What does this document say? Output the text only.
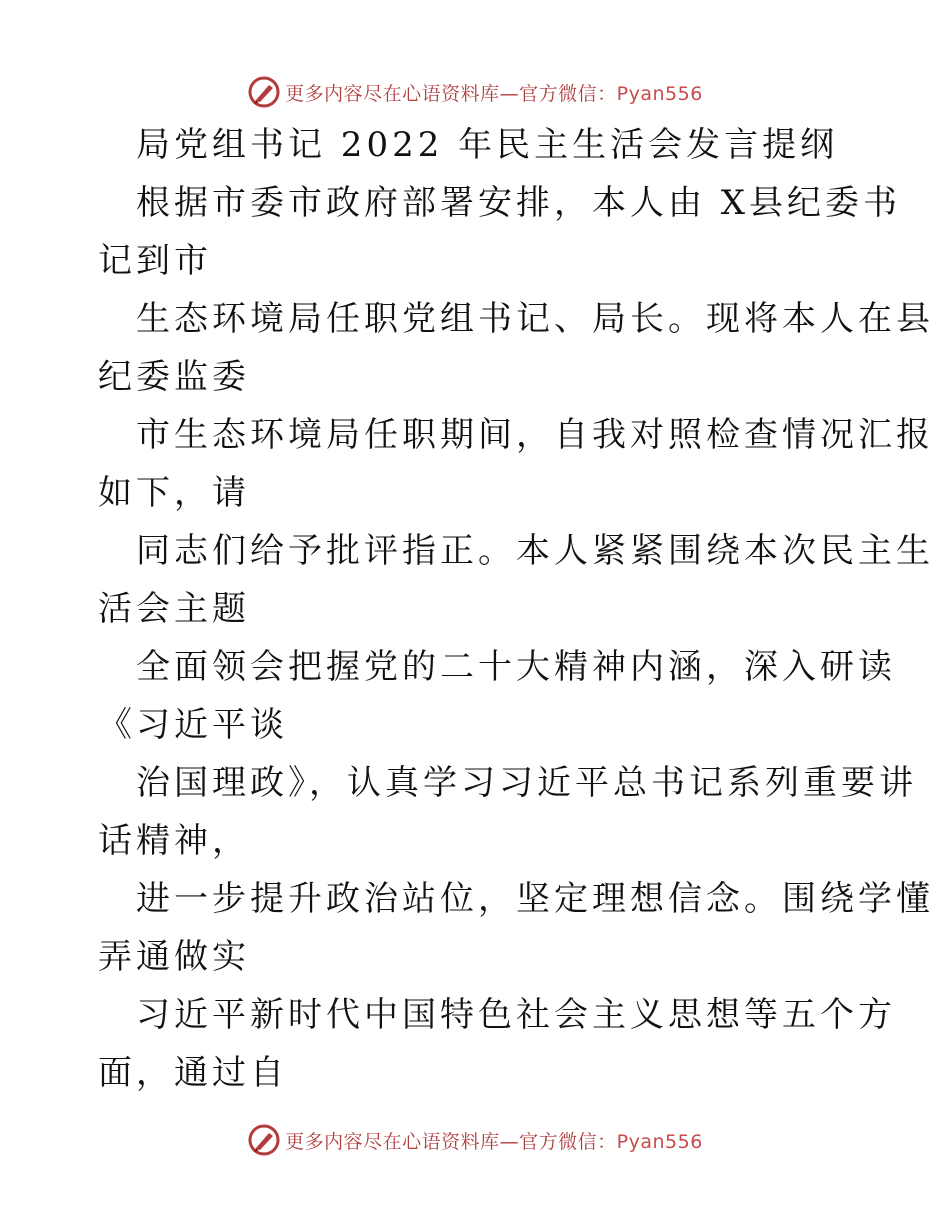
更多内容尽在心语资料库—官方微信：Pyan556
局党组书记 2022 年民主生活会发言提纲
根据市委市政府部署安排，本人由 X县纪委书
记到市
生态环境局任职党组书记、局长。现将本人在县
纪委监委
市生态环境局任职期间，自我对照检查情况汇报
如下，请
同志们给予批评指正。本人紧紧围绕本次民主生
活会主题
全面领会把握党的二十大精神内涵，深入研读
《习近平谈
治国理政》，认真学习习近平总书记系列重要讲
话精神，
进一步提升政治站位，坚定理想信念。围绕学懂
弄通做实
习近平新时代中国特色社会主义思想等五个方
面，通过自
更多内容尽在心语资料库—官方微信：Pyan556
